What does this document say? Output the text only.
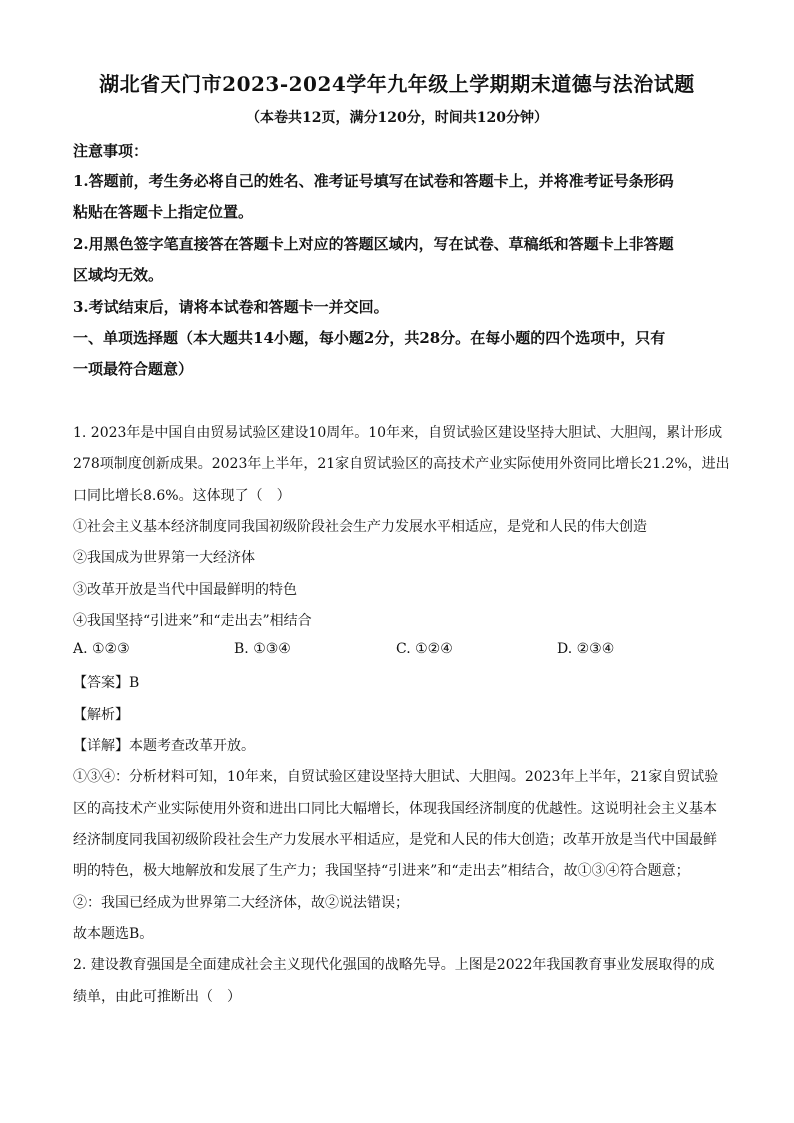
湖北省天门市2023-2024学年九年级上学期期末道德与法治试题
（本卷共12页，满分120分，时间共120分钟）
注意事项：
1.答题前，考生务必将自己的姓名、准考证号填写在试卷和答题卡上，并将准考证号条形码
粘贴在答题卡上指定位置。
2.用黑色签字笔直接答在答题卡上对应的答题区域内，写在试卷、草稿纸和答题卡上非答题
区域均无效。
3.考试结束后，请将本试卷和答题卡一并交回。
一、单项选择题（本大题共14小题，每小题2分，共28分。在每小题的四个选项中，只有
一项最符合题意）
1. 2023年是中国自由贸易试验区建设10周年。10年来，自贸试验区建设坚持大胆试、大胆闯，累计形成
278项制度创新成果。2023年上半年，21家自贸试验区的高技术产业实际使用外资同比增长21.2%，进出
口同比增长8.6%。这体现了（　）
①社会主义基本经济制度同我国初级阶段社会生产力发展水平相适应，是党和人民的伟大创造
②我国成为世界第一大经济体
③改革开放是当代中国最鲜明的特色
④我国坚持“引进来”和“走出去”相结合
A. ①②③	B. ①③④	C. ①②④	D. ②③④
【答案】B
【解析】
【详解】本题考查改革开放。
①③④：分析材料可知，10年来，自贸试验区建设坚持大胆试、大胆闯。2023年上半年，21家自贸试验
区的高技术产业实际使用外资和进出口同比大幅增长，体现我国经济制度的优越性。这说明社会主义基本
经济制度同我国初级阶段社会生产力发展水平相适应，是党和人民的伟大创造；改革开放是当代中国最鲜
明的特色，极大地解放和发展了生产力；我国坚持“引进来”和“走出去”相结合，故①③④符合题意；
②：我国已经成为世界第二大经济体，故②说法错误；
故本题选B。
2. 建设教育强国是全面建成社会主义现代化强国的战略先导。上图是2022年我国教育事业发展取得的成
绩单，由此可推断出（　）
